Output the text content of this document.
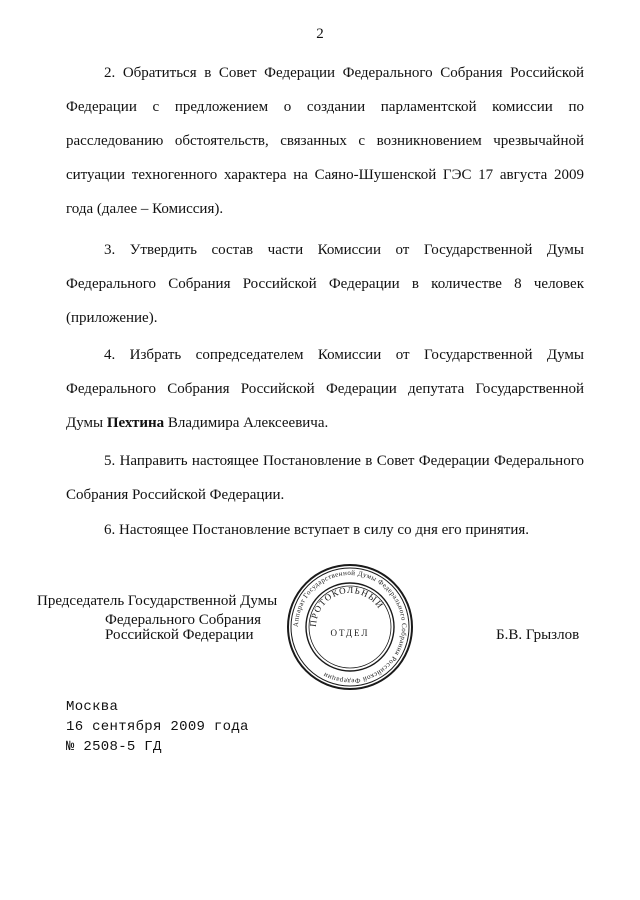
2

2. Обратиться в Совет Федерации Федерального Собрания Российской Федерации с предложением о создании парламентской комиссии по расследованию обстоятельств, связанных с возникновением чрезвычайной ситуации техногенного характера на Саяно-Шушенской ГЭС 17 августа 2009 года (далее – Комиссия).

3. Утвердить состав части Комиссии от Государственной Думы Федерального Собрания Российской Федерации в количестве 8 человек (приложение).

4. Избрать сопредседателем Комиссии от Государственной Думы Федерального Собрания Российской Федерации депутата Государственной Думы Пехтина Владимира Алексеевича.

5. Направить настоящее Постановление в Совет Федерации Федерального Собрания Российской Федерации.

6. Настоящее Постановление вступает в силу со дня его принятия.

Председатель Государственной Думы
Федерального Собрания
Российской Федерации	Б.В. Грызлов
Аппарат Государственной Думы Федерального Собрания Российской Федерации
ПРОТОКОЛЬНЫЙ
ОТДЕЛ
Москва
16 сентября 2009 года
№ 2508-5 ГД
